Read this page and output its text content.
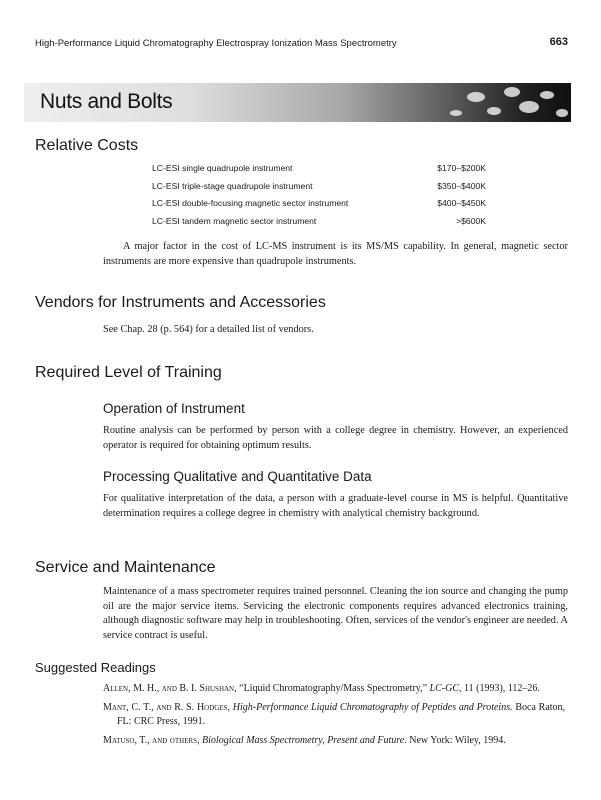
High-Performance Liquid Chromatography Electrospray Ionization Mass Spectrometry	663
Nuts and Bolts
Relative Costs
LC-ESI single quadrupole instrument	$170–$200K
LC-ESI triple-stage quadrupole instrument	$350–$400K
LC-ESI double-focusing magnetic sector instrument	$400–$450K
LC-ESI tandem magnetic sector instrument	>$600K

A major factor in the cost of LC-MS instrument is its MS/MS capability. In general, magnetic sector instruments are more expensive than quadrupole instruments.

Vendors for Instruments and Accessories

See Chap. 28 (p. 564) for a detailed list of vendors.

Required Level of Training
Operation of Instrument

Routine analysis can be performed by person with a college degree in chemistry. However, an experienced operator is required for obtaining optimum results.

Processing Qualitative and Quantitative Data

For qualitative interpretation of the data, a person with a graduate-level course in MS is helpful. Quantitative determination requires a college degree in chemistry with analytical chemistry background.

Service and Maintenance

Maintenance of a mass spectrometer requires trained personnel. Cleaning the ion source and changing the pump oil are the major service items. Servicing the electronic components requires advanced electronics training, although diagnostic software may help in troubleshooting. Often, services of the vendor's engineer are needed. A service contract is useful.

Suggested Readings

Allen, M. H., and B. I. Shushan, “Liquid Chromatography/Mass Spectrometry,” LC-GC, 11 (1993), 112–26.

Mant, C. T., and R. S. Hodges, High-Performance Liquid Chromatography of Peptides and Proteins. Boca Raton, FL: CRC Press, 1991.

Matuso, T., and others, Biological Mass Spectrometry, Present and Future. New York: Wiley, 1994.
